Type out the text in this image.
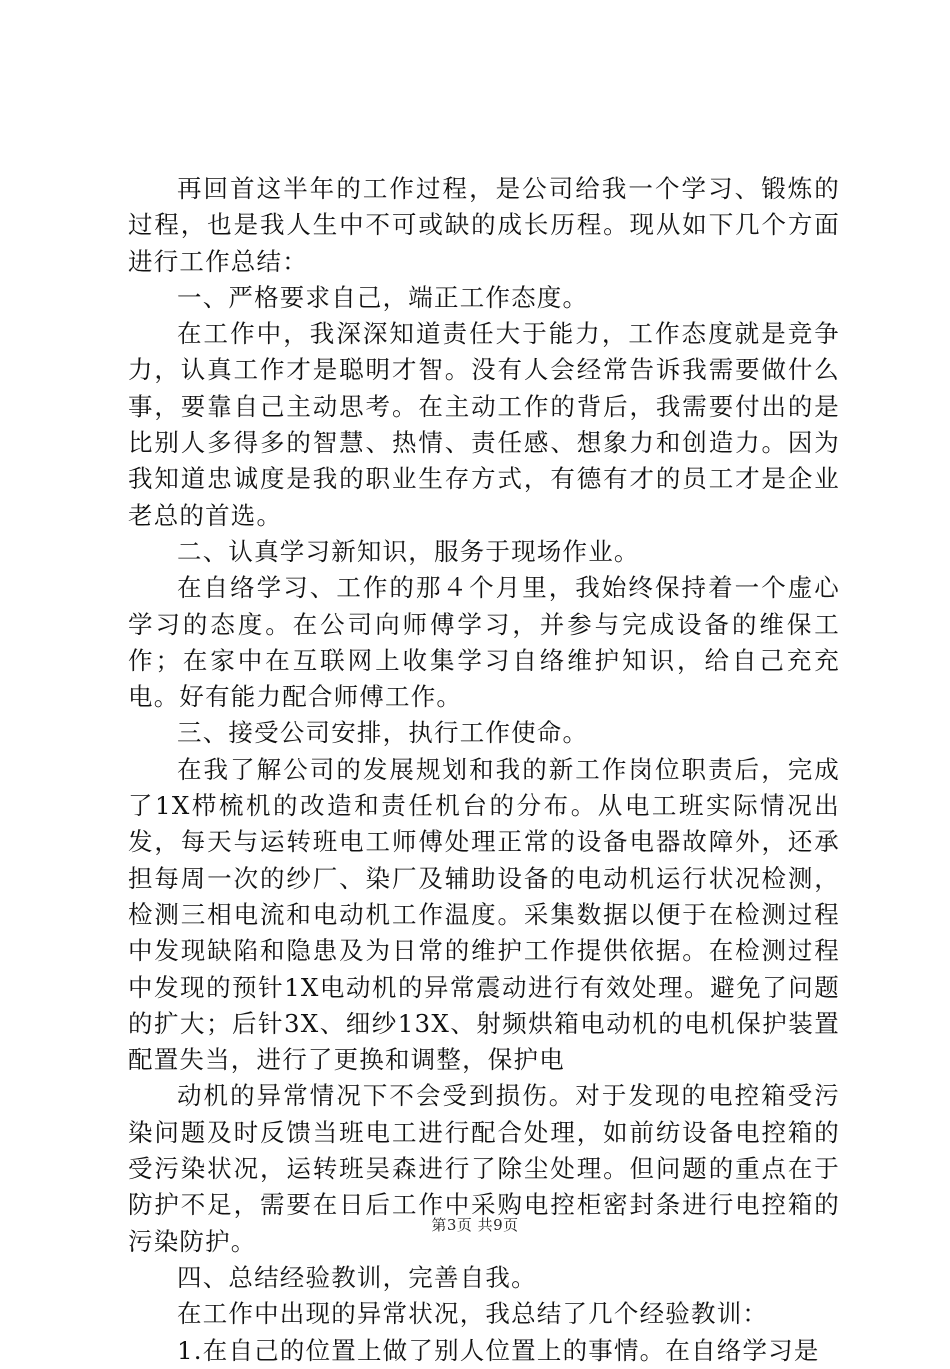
再回首这半年的工作过程，是公司给我一个学习、锻炼的过程，也是我人生中不可或缺的成长历程。现从如下几个方面进行工作总结：

一、严格要求自己，端正工作态度。

在工作中，我深深知道责任大于能力，工作态度就是竞争力，认真工作才是聪明才智。没有人会经常告诉我需要做什么事，要靠自己主动思考。在主动工作的背后，我需要付出的是比别人多得多的智慧、热情、责任感、想象力和创造力。因为我知道忠诚度是我的职业生存方式，有德有才的员工才是企业老总的首选。

二、认真学习新知识，服务于现场作业。

在自络学习、工作的那４个月里，我始终保持着一个虚心学习的态度。在公司向师傅学习，并参与完成设备的维保工作；在家中在互联网上收集学习自络维护知识，给自己充充电。好有能力配合师傅工作。

三、接受公司安排，执行工作使命。

在我了解公司的发展规划和我的新工作岗位职责后，完成了1X栉梳机的改造和责任机台的分布。从电工班实际情况出发，每天与运转班电工师傅处理正常的设备电器故障外，还承担每周一次的纱厂、染厂及辅助设备的电动机运行状况检测，检测三相电流和电动机工作温度。采集数据以便于在检测过程中发现缺陷和隐患及为日常的维护工作提供依据。在检测过程中发现的预针1X电动机的异常震动进行有效处理。避免了问题的扩大；后针3X、细纱13X、射频烘箱电动机的电机保护装置配置失当，进行了更换和调整，保护电

动机的异常情况下不会受到损伤。对于发现的电控箱受污染问题及时反馈当班电工进行配合处理，如前纺设备电控箱的受污染状况，运转班吴森进行了除尘处理。但问题的重点在于防护不足，需要在日后工作中采购电控柜密封条进行电控箱的污染防护。

四、总结经验教训，完善自我。

在工作中出现的异常状况，我总结了几个经验教训：

1.在自己的位置上做了别人位置上的事情。在自络学习是

第3页 共9页
